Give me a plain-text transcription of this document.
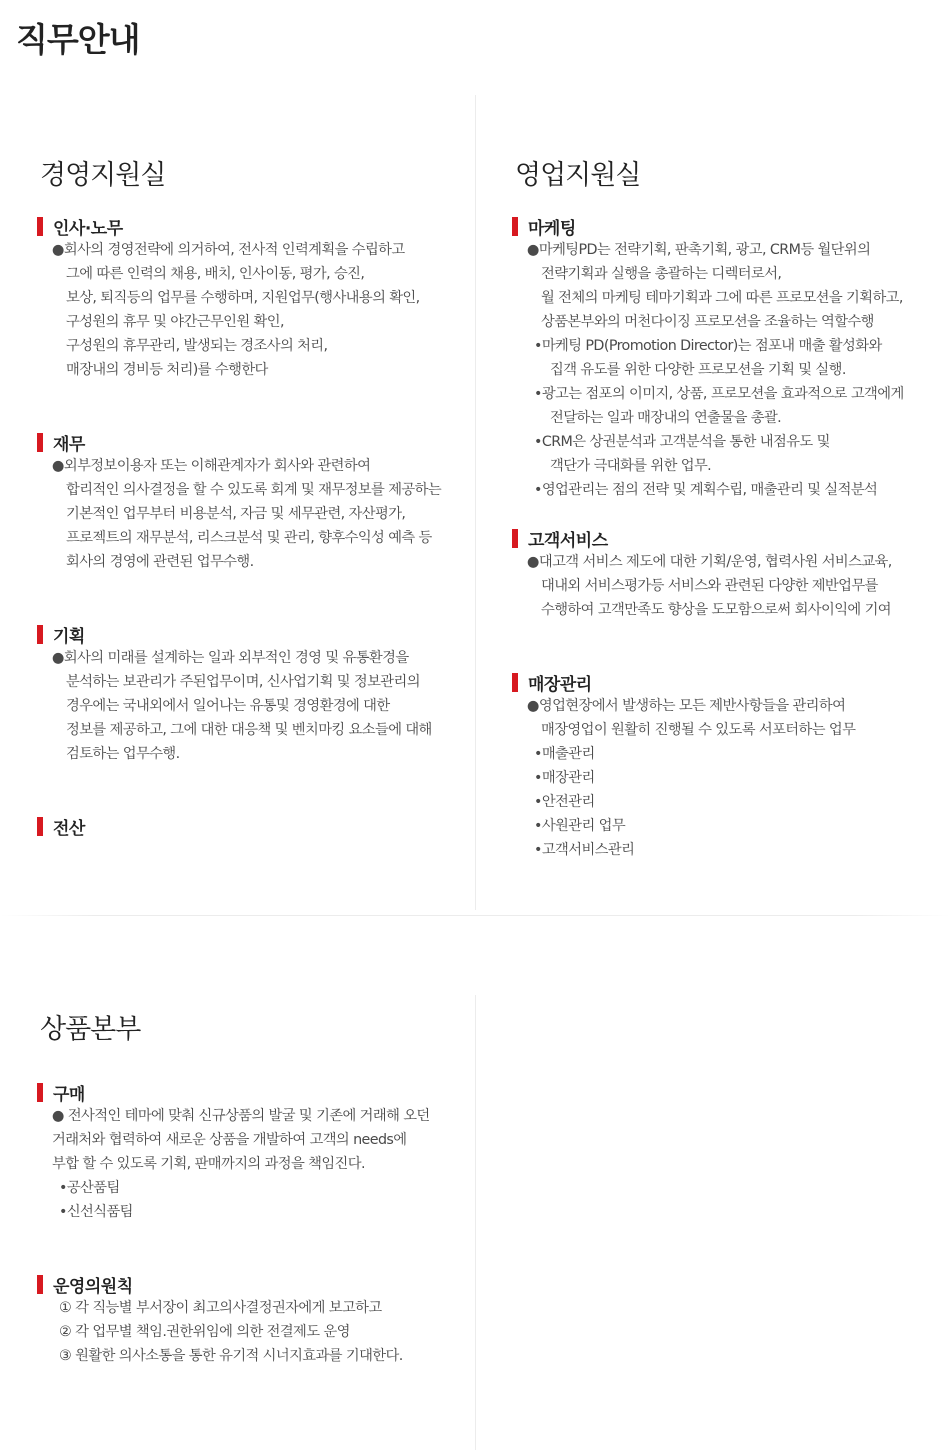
직무안내
경영지원실
인사·노무
●회사의 경영전략에 의거하여, 전사적 인력계획을 수립하고
그에 따른 인력의 채용, 배치, 인사이동, 평가, 승진,
보상, 퇴직등의 업무를 수행하며, 지원업무(행사내용의 확인,
구성원의 휴무 및 야간근무인원 확인,
구성원의 휴무관리, 발생되는 경조사의 처리,
매장내의 경비등 처리)를 수행한다
재무
●외부정보이용자 또는 이해관계자가 회사와 관련하여
합리적인 의사결정을 할 수 있도록 회계 및 재무정보를 제공하는
기본적인 업무부터 비용분석, 자금 및 세무관련, 자산평가,
프로젝트의 재무분석, 리스크분석 및 관리, 향후수익성 예측 등
회사의 경영에 관련된 업무수행.
기획
●회사의 미래를 설계하는 일과 외부적인 경영 및 유통환경을
분석하는 보관리가 주된업무이며, 신사업기획 및 정보관리의
경우에는 국내외에서 일어나는 유통및 경영환경에 대한
정보를 제공하고, 그에 대한 대응책 및 벤치마킹 요소들에 대해
검토하는 업무수행.
전산
영업지원실
마케팅
●마케팅PD는 전략기획, 판촉기획, 광고, CRM등 월단위의
전략기획과 실행을 총괄하는 디렉터로서,
월 전체의 마케팅 테마기획과 그에 따른 프로모션을 기획하고,
상품본부와의 머천다이징 프로모션을 조율하는 역할수행
•마케팅 PD(Promotion Director)는 점포내 매출 활성화와
집객 유도를 위한 다양한 프로모션을 기획 및 실행.
•광고는 점포의 이미지, 상품, 프로모션을 효과적으로 고객에게
전달하는 일과 매장내의 연출물을 총괄.
•CRM은 상권분석과 고객분석을 통한 내점유도 및
객단가 극대화를 위한 업무.
•영업관리는 점의 전략 및 계획수립, 매출관리 및 실적분석
고객서비스
●대고객 서비스 제도에 대한 기획/운영, 협력사원 서비스교육,
대내외 서비스평가등 서비스와 관련된 다양한 제반업무를
수행하여 고객만족도 향상을 도모함으로써 회사이익에 기여
매장관리
●영업현장에서 발생하는 모든 제반사항들을 관리하여
매장영업이 원활히 진행될 수 있도록 서포터하는 업무
•매출관리
•매장관리
•안전관리
•사원관리 업무
•고객서비스관리
상품본부
구매
● 전사적인 테마에 맞춰 신규상품의 발굴 및 기존에 거래해 오던
거래처와 협력하여 새로운 상품을 개발하여 고객의 needs에
부합 할 수 있도록 기획, 판매까지의 과정을 책임진다.
•공산품팀
•신선식품팀
운영의원칙
① 각 직능별 부서장이 최고의사결정권자에게 보고하고
② 각 업무별 책임.권한위임에 의한 전결제도 운영
③ 원활한 의사소통을 통한 유기적 시너지효과를 기대한다.
